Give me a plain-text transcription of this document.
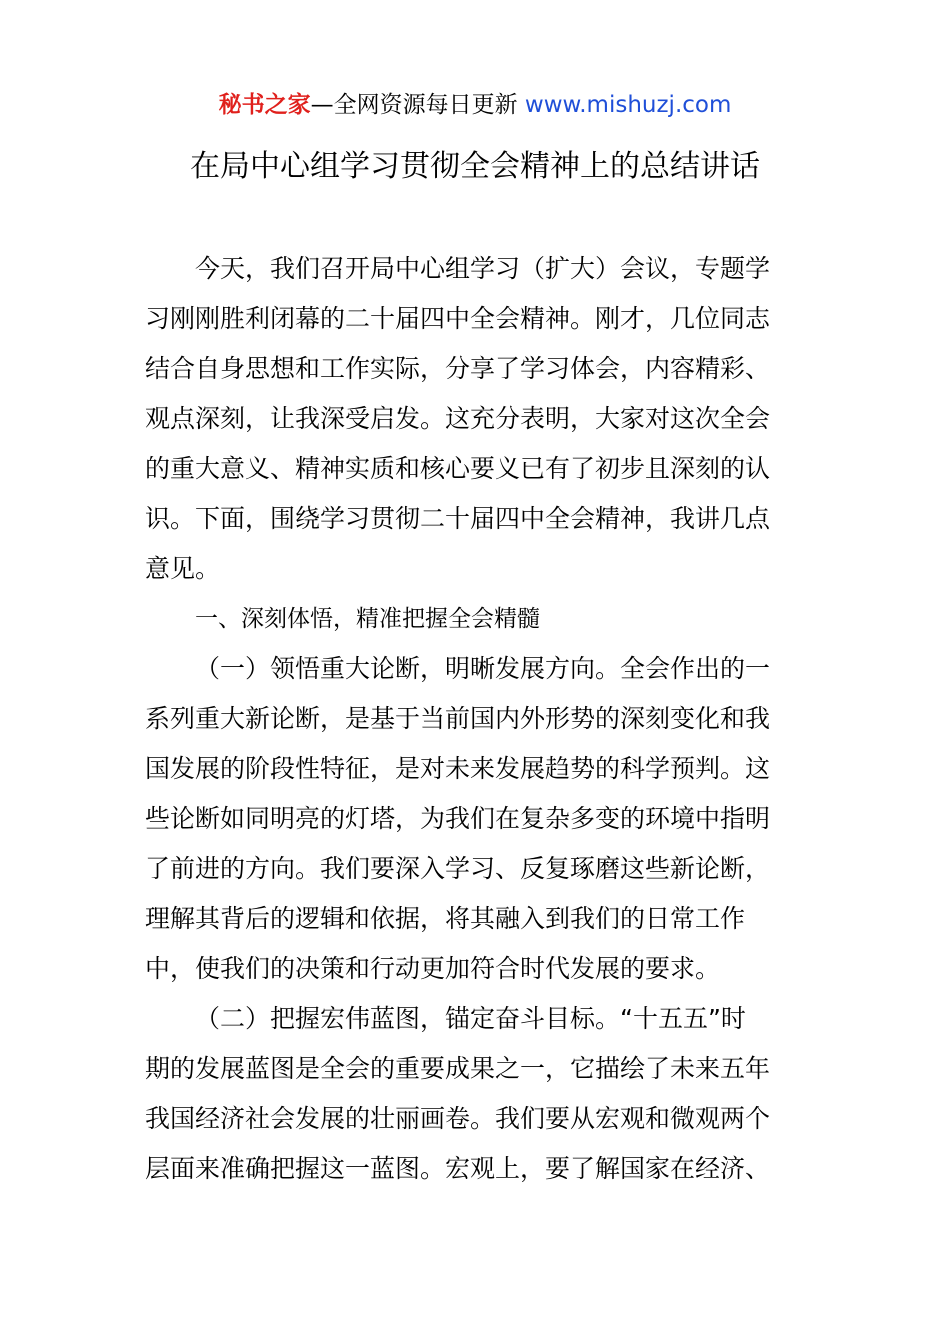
秘书之家—全网资源每日更新 www.mishuzj.com
在局中心组学习贯彻全会精神上的总结讲话
今天，我们召开局中心组学习（扩大）会议，专题学
习刚刚胜利闭幕的二十届四中全会精神。刚才，几位同志
结合自身思想和工作实际，分享了学习体会，内容精彩、
观点深刻，让我深受启发。这充分表明，大家对这次全会
的重大意义、精神实质和核心要义已有了初步且深刻的认
识。下面，围绕学习贯彻二十届四中全会精神，我讲几点
意见。
一、深刻体悟，精准把握全会精髓
（一）领悟重大论断，明晰发展方向。全会作出的一
系列重大新论断，是基于当前国内外形势的深刻变化和我
国发展的阶段性特征，是对未来发展趋势的科学预判。这
些论断如同明亮的灯塔，为我们在复杂多变的环境中指明
了前进的方向。我们要深入学习、反复琢磨这些新论断，
理解其背后的逻辑和依据，将其融入到我们的日常工作
中，使我们的决策和行动更加符合时代发展的要求。
（二）把握宏伟蓝图，锚定奋斗目标。“十五五”时
期的发展蓝图是全会的重要成果之一，它描绘了未来五年
我国经济社会发展的壮丽画卷。我们要从宏观和微观两个
层面来准确把握这一蓝图。宏观上，要了解国家在经济、
